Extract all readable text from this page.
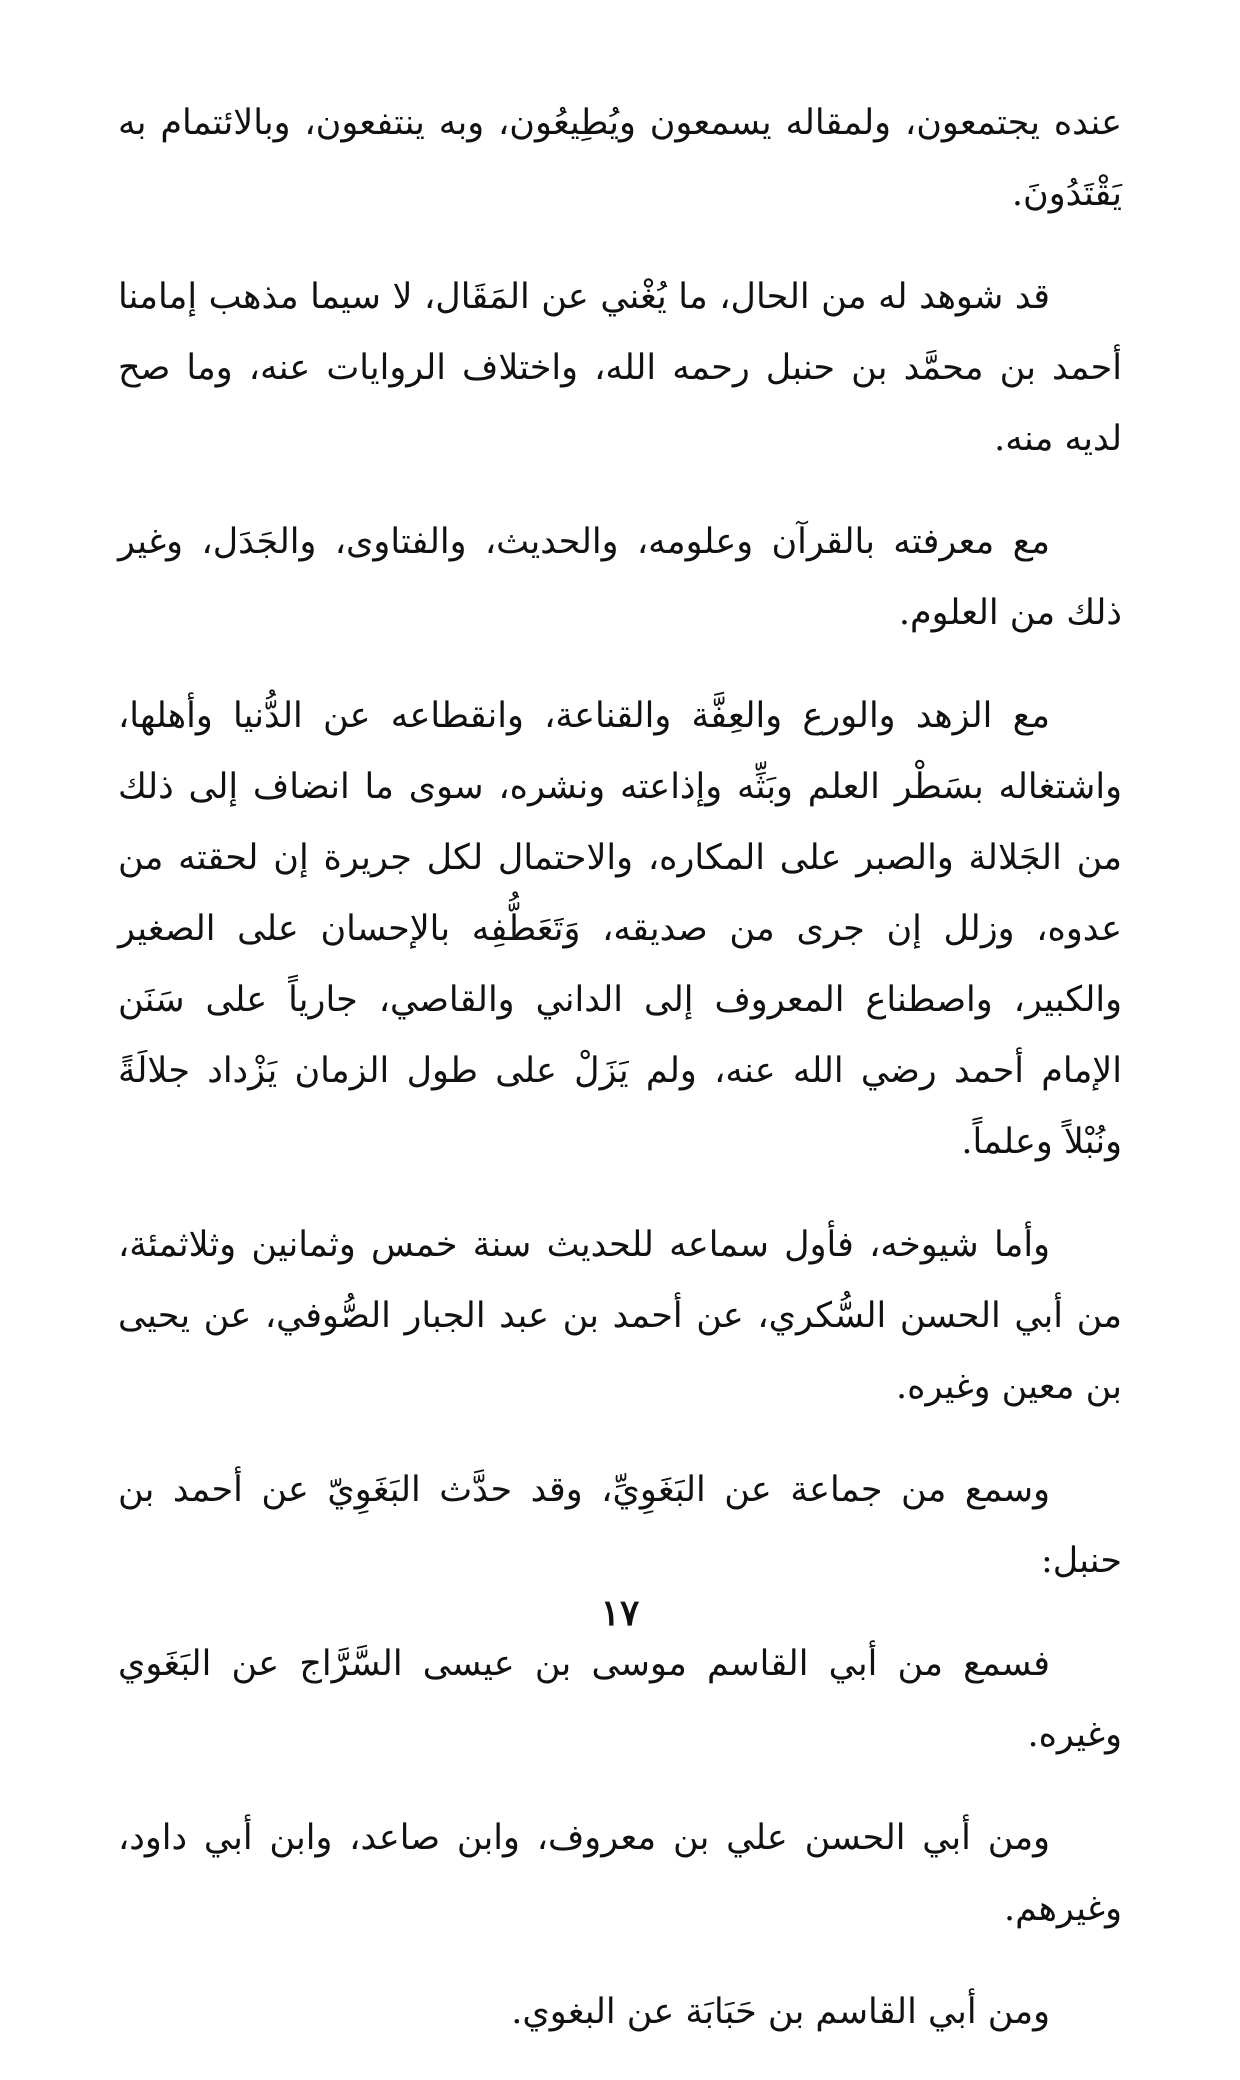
عنده يجتمعون، ولمقاله يسمعون ويُطِيعُون، وبه ينتفعون، وبالائتمام به يَقْتَدُونَ.

قد شوهد له من الحال، ما يُغْني عن المَقَال، لا سيما مذهب إمامنا أحمد بن محمَّد بن حنبل رحمه الله، واختلاف الروايات عنه، وما صح لديه منه.

مع معرفته بالقرآن وعلومه، والحديث، والفتاوى، والجَدَل، وغير ذلك من العلوم.

مع الزهد والورع والعِفَّة والقناعة، وانقطاعه عن الدُّنيا وأهلها، واشتغاله بسَطْر العلم وبَثِّه وإذاعته ونشره، سوى ما انضاف إلى ذلك من الجَلالة والصبر على المكاره، والاحتمال لكل جريرة إن لحقته من عدوه، وزلل إن جرى من صديقه، وَتَعَطُّفِه بالإحسان على الصغير والكبير، واصطناع المعروف إلى الداني والقاصي، جارياً على سَنَن الإمام أحمد رضي الله عنه، ولم يَزَلْ على طول الزمان يَزْداد جلالَةً ونُبْلاً وعلماً.

وأما شيوخه، فأول سماعه للحديث سنة خمس وثمانين وثلاثمئة، من أبي الحسن السُّكري، عن أحمد بن عبد الجبار الصُّوفي، عن يحيى بن معين وغيره.

وسمع من جماعة عن البَغَوِيِّ، وقد حدَّث البَغَوِيّ عن أحمد بن حنبل:

فسمع من أبي القاسم موسى بن عيسى السَّرَّاج عن البَغَوي وغيره.

ومن أبي الحسن علي بن معروف، وابن صاعد، وابن أبي داود، وغيرهم.

ومن أبي القاسم بن حَبَابَة عن البغوي.

١٧
